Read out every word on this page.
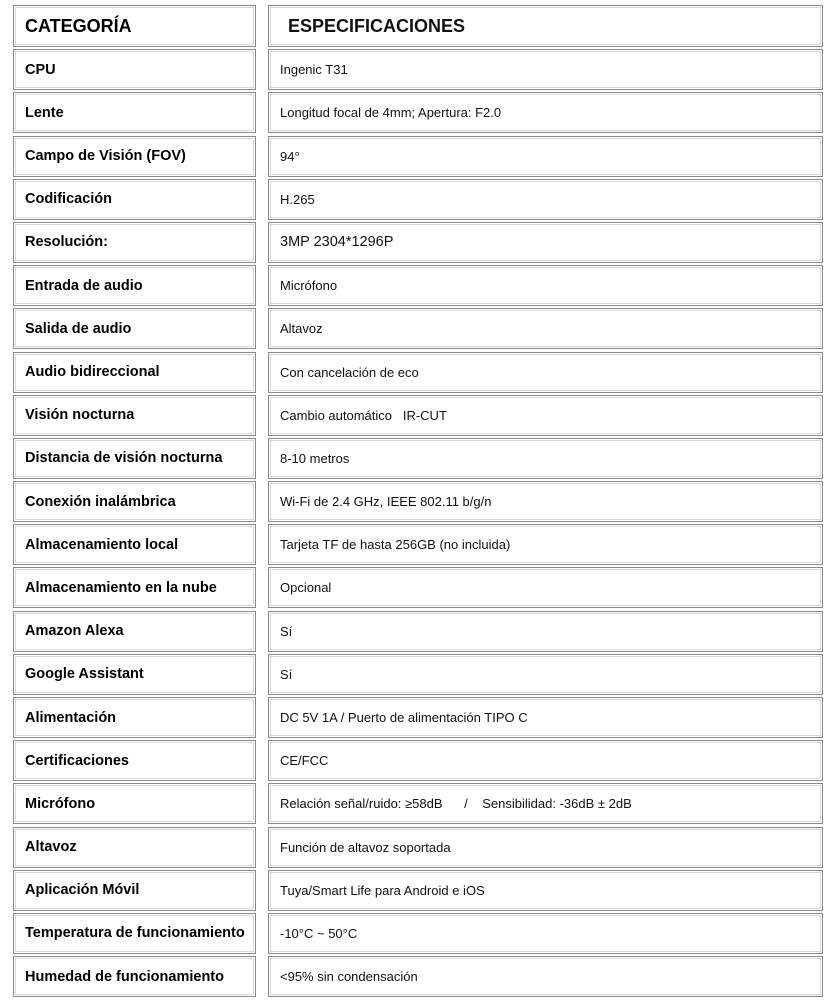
CATEGORÍA	ESPECIFICACIONES
CPU	Ingenic T31
Lente	Longitud focal de 4mm; Apertura: F2.0
Campo de Visión (FOV)	94°
Codificación	H.265
Resolución:	3MP 2304*1296P
Entrada de audio	Micrófono
Salida de audio	Altavoz
Audio bidireccional	Con cancelación de eco
Visión nocturna	Cambio automático   IR-CUT
Distancia de visión nocturna	8-10 metros
Conexión inalámbrica	Wi-Fi de 2.4 GHz, IEEE 802.11 b/g/n
Almacenamiento local	Tarjeta TF de hasta 256GB (no incluida)
Almacenamiento en la nube	Opcional
Amazon Alexa	Sí
Google Assistant	Sí
Alimentación	DC 5V 1A / Puerto de alimentación TIPO C
Certificaciones	CE/FCC
Micrófono	Relación señal/ruido: ≥58dB      /    Sensibilidad: -36dB ± 2dB
Altavoz	Función de altavoz soportada
Aplicación Móvil	Tuya/Smart Life para Android e iOS
Temperatura de funcionamiento	-10°C ~ 50°C
Humedad de funcionamiento	<95% sin condensación
